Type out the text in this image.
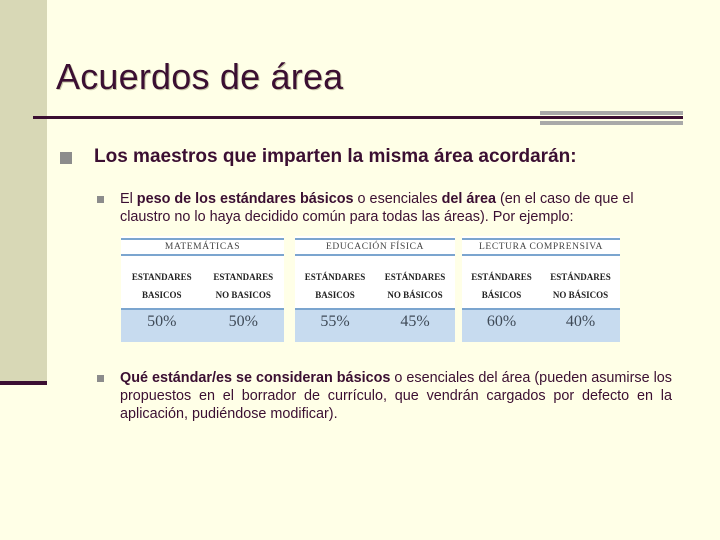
Acuerdos de área
Los maestros que imparten la misma área acordarán:
El peso de los estándares básicos o esenciales del área (en el caso de que el claustro no lo haya decidido común para todas las áreas). Por ejemplo:
MATEMÁTICAS
ESTANDARES
BASICOS
ESTANDARES
NO BASICOS
50%	50%
EDUCACIÓN FÍSICA
ESTÁNDARES
BASICOS
ESTÁNDARES
NO BÁSICOS
55%	45%
LECTURA COMPRENSIVA
ESTÁNDARES
BÁSICOS
ESTÁNDARES
NO BÁSICOS
60%	40%
Qué estándar/es se consideran básicos o esenciales del área (pueden asumirse los propuestos en el borrador de currículo, que vendrán cargados por defecto en la aplicación, pudiéndose modificar).
